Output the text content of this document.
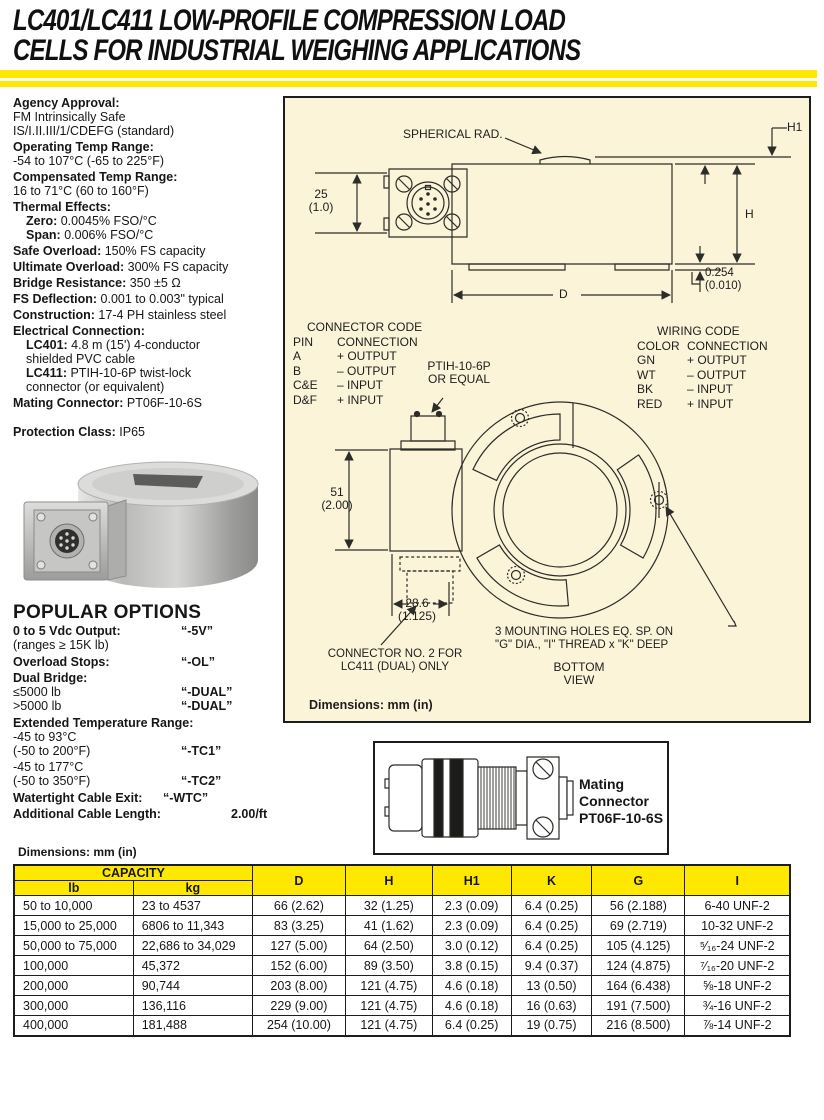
LC401/LC411 LOW-PROFILE COMPRESSION LOAD
CELLS FOR INDUSTRIAL WEIGHING APPLICATIONS
Agency Approval:
FM Intrinsically Safe
IS/I.II.III/1/CDEFG (standard)
Operating Temp Range:
-54 to 107°C (-65 to 225°F)
Compensated Temp Range:
16 to 71°C (60 to 160°F)
Thermal Effects:
Zero: 0.0045% FSO/°C
Span: 0.006% FSO/°C
Safe Overload: 150% FS capacity
Ultimate Overload: 300% FS capacity
Bridge Resistance: 350 ±5 Ω
FS Deflection: 0.001 to 0.003" typical
Construction: 17-4 PH stainless steel
Electrical Connection:
LC401: 4.8 m (15') 4-conductor
shielded PVC cable
LC411: PTIH-10-6P twist-lock
connector (or equivalent)
Mating Connector: PT06F-10-6S
Protection Class: IP65
POPULAR OPTIONS
0 to 5 Vdc Output:	“-5V”
(ranges ≥ 15K lb)
Overload Stops:	“-OL”
Dual Bridge:
≤5000 lb	“-DUAL”
>5000 lb	“-DUAL”
Extended Temperature Range:
-45 to 93°C
(-50 to 200°F)	“-TC1”
-45 to 177°C
(-50 to 350°F)	“-TC2”
Watertight Cable Exit: “-WTC”
Additional Cable Length:	2.00/ft
SPHERICAL RAD.	H1
25
(1.0)	H
D
0.254
(0.010)
CONNECTOR CODE
PIN	CONNECTION
A	+ OUTPUT
B	– OUTPUT
C&E	– INPUT
D&F	+ INPUT
PTIH-10-6P
OR EQUAL
WIRING CODE
COLOR CONNECTION
GN	+ OUTPUT
WT	– OUTPUT
BK	– INPUT
RED	+ INPUT
51
(2.00)
28.6
(1.125)
3 MOUNTING HOLES EQ. SP. ON
"G" DIA., "I" THREAD x "K" DEEP
CONNECTOR NO. 2 FOR
LC411 (DUAL) ONLY	BOTTOM
VIEW
Dimensions: mm (in)
Mating
Connector
PT06F-10-6S
Dimensions: mm (in)
CAPACITY		D	H	H1	K	G	I
lb	kg						
50 to 10,000	23 to 4537	66 (2.62)	32 (1.25)	2.3 (0.09)	6.4 (0.25)	56 (2.188)	6-40 UNF-2
15,000 to 25,000	6806 to 11,343	83 (3.25)	41 (1.62)	2.3 (0.09)	6.4 (0.25)	69 (2.719)	10-32 UNF-2
50,000 to 75,000	22,686 to 34,029	127 (5.00)	64 (2.50)	3.0 (0.12)	6.4 (0.25)	105 (4.125)	⁵⁄₁₆-24 UNF-2
100,000	45,372	152 (6.00)	89 (3.50)	3.8 (0.15)	9.4 (0.37)	124 (4.875)	⁷⁄₁₆-20 UNF-2
200,000	90,744	203 (8.00)	121 (4.75)	4.6 (0.18)	13 (0.50)	164 (6.438)	⅝-18 UNF-2
300,000	136,116	229 (9.00)	121 (4.75)	4.6 (0.18)	16 (0.63)	191 (7.500)	¾-16 UNF-2
400,000	181,488	254 (10.00)	121 (4.75)	6.4 (0.25)	19 (0.75)	216 (8.500)	⅞-14 UNF-2
